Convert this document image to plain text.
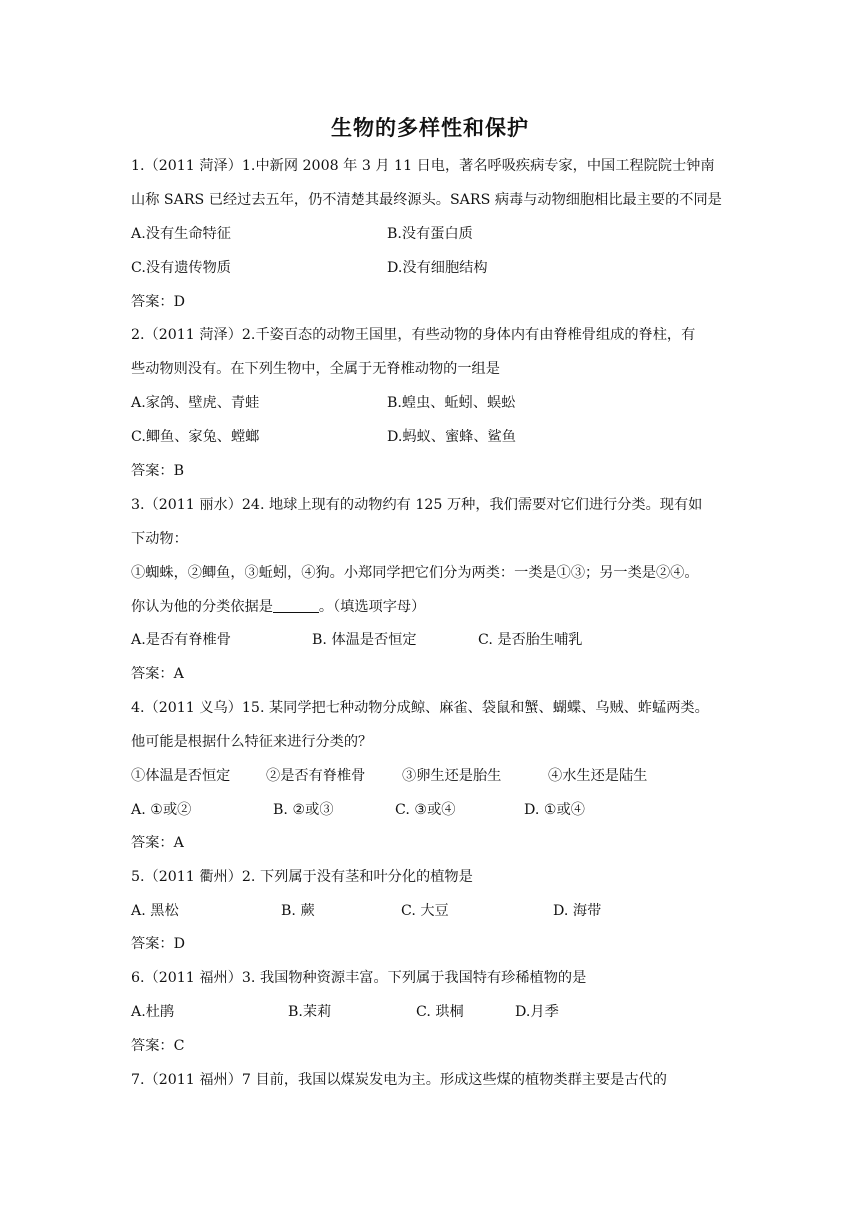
生物的多样性和保护
1.（2011 菏泽）1.中新网 2008 年 3 月 11 日电，著名呼吸疾病专家，中国工程院院士钟南
山称 SARS 已经过去五年，仍不清楚其最终源头。SARS 病毒与动物细胞相比最主要的不同是
A.没有生命特征	B.没有蛋白质
C.没有遗传物质	D.没有细胞结构
答案：D
2.（2011 菏泽）2.千姿百态的动物王国里，有些动物的身体内有由脊椎骨组成的脊柱，有
些动物则没有。在下列生物中，全属于无脊椎动物的一组是
A.家鸽、壁虎、青蛙	B.蝗虫、蚯蚓、蜈蚣
C.鲫鱼、家兔、螳螂	D.蚂蚁、蜜蜂、鲨鱼
答案：B
3.（2011 丽水）24. 地球上现有的动物约有 125 万种，我们需要对它们进行分类。现有如
下动物：
①蜘蛛，②鲫鱼，③蚯蚓，④狗。小郑同学把它们分为两类：一类是①③；另一类是②④。
你认为他的分类依据是	。（填选项字母）
A.是否有脊椎骨	B. 体温是否恒定	C. 是否胎生哺乳
答案：A
4.（2011 义乌）15. 某同学把七种动物分成鲸、麻雀、袋鼠和蟹、蝴蝶、乌贼、蚱蜢两类。
他可能是根据什么特征来进行分类的？
①体温是否恒定	②是否有脊椎骨	③卵生还是胎生	④水生还是陆生
A. ①或②	B. ②或③	C. ③或④	D. ①或④
答案：A
5.（2011 衢州）2. 下列属于没有茎和叶分化的植物是
A. 黑松	B. 蕨	C. 大豆	D. 海带
答案：D
6.（2011 福州）3. 我国物种资源丰富。下列属于我国特有珍稀植物的是
A.杜鹃	B.茉莉	C. 珙桐	D.月季
答案：C
7.（2011 福州）7 目前，我国以煤炭发电为主。形成这些煤的植物类群主要是古代的
